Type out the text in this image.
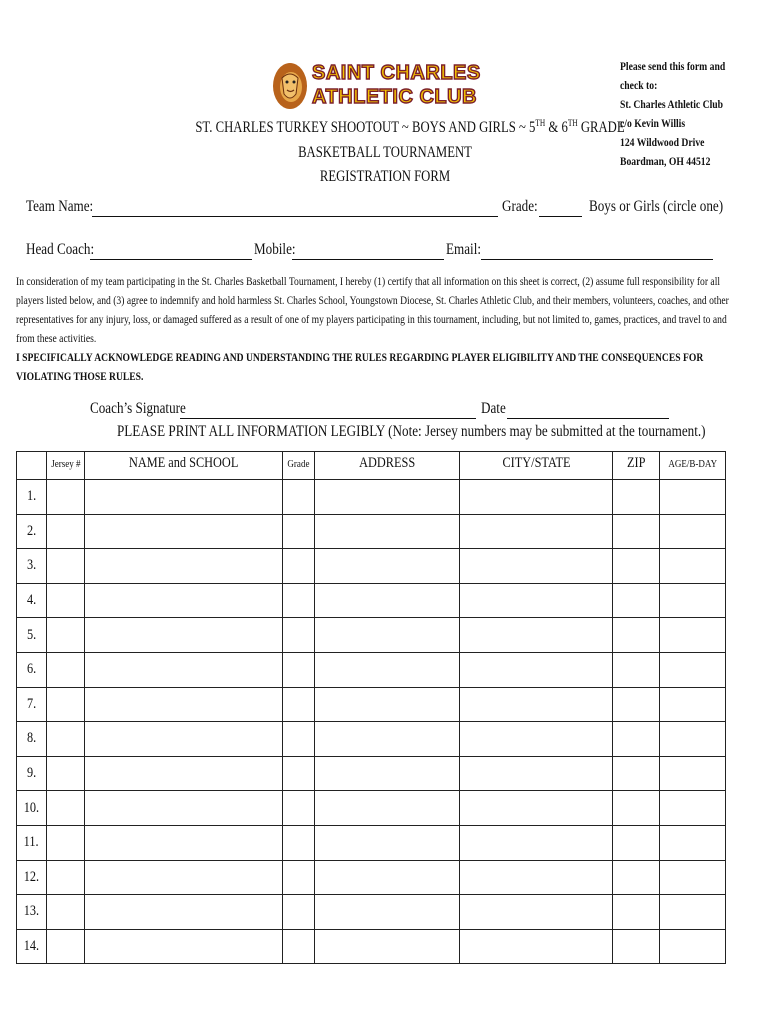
SAINT CHARLES
ATHLETIC CLUB
Please send this form and
check to:
St. Charles Athletic Club
c/o Kevin Willis
124 Wildwood Drive
Boardman, OH 44512
ST. CHARLES TURKEY SHOOTOUT ~ BOYS AND GIRLS ~ 5TH & 6TH GRADE
BASKETBALL TOURNAMENT
REGISTRATION FORM
Team Name:	Grade:	Boys or Girls (circle one)
Head Coach:	Mobile:	Email:

In consideration of my team participating in the St. Charles Basketball Tournament, I hereby (1) certify that all information on this sheet is correct, (2) assume full responsibility for all

players listed below, and (3) agree to indemnify and hold harmless St. Charles School, Youngstown Diocese, St. Charles Athletic Club, and their members, volunteers, coaches, and other

representatives for any injury, loss, or damaged suffered as a result of one of my players participating in this tournament, including, but not limited to, games, practices, and travel to and

from these activities.

I SPECIFICALLY ACKNOWLEDGE READING AND UNDERSTANDING THE RULES REGARDING PLAYER ELIGIBILITY AND THE CONSEQUENCES FOR

VIOLATING THOSE RULES.

Coach’s Signature	Date
PLEASE PRINT ALL INFORMATION LEGIBLY (Note: Jersey numbers may be submitted at the tournament.)
	Jersey #	NAME and SCHOOL	Grade	ADDRESS	CITY/STATE	ZIP	AGE/B-DAY
1.							
2.							
3.							
4.							
5.							
6.							
7.							
8.							
9.							
10.							
11.							
12.							
13.							
14.							
